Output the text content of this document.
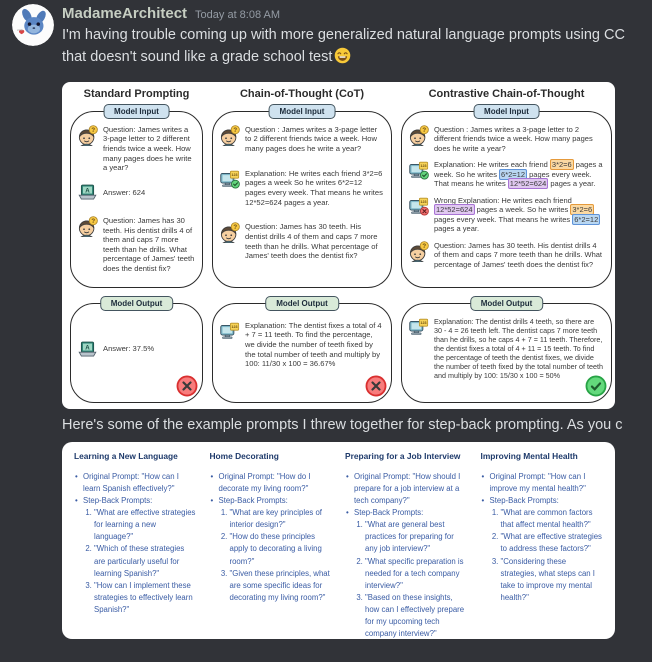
MadameArchitect Today at 8:08 AM
I'm having trouble coming up with more generalized natural language prompts using CC
that doesn't sound like a grade school test
Standard Prompting
Model Input
Question: James writes a 3-page letter to 2 different friends twice a week. How many pages does he write a year?
Answer: 624
Question: James has 30 teeth. His dentist drills 4 of them and caps 7 more teeth than he drills. What percentage of James' teeth does the dentist fix?
Model Output
Answer: 37.5%
Chain-of-Thought (CoT)
Model Input
Question : James writes a 3-page letter to 2 different friends twice a week. How many pages does he write a year?
Explanation: He writes each friend 3*2=6 pages a week So he writes 6*2=12 pages every week. That means he writes 12*52=624 pages a year.
Question: James has 30 teeth. His dentist drills 4 of them and caps 7 more teeth than he drills. What percentage of James' teeth does the dentist fix?
Model Output
Explanation: The dentist fixes a total of 4 + 7 = 11 teeth. To find the percentage, we divide the number of teeth fixed by the total number of teeth and multiply by 100: 11/30 x 100 = 36.67%
Contrastive Chain-of-Thought
Model Input
Question : James writes a 3-page letter to 2 different friends twice a week. How many pages does he write a year?
Explanation: He writes each friend 3*2=6 pages a week. So he writes 6*2=12 pages every week. That means he writes 12*52=624 pages a year.
Wrong Explanation: He writes each friend 12*52=624 pages a week. So he writes 3*2=6 pages every week. That means he writes 6*2=12 pages a year.
Question: James has 30 teeth. His dentist drills 4 of them and caps 7 more teeth than he drills. What percentage of James' teeth does the dentist fix?
Model Output
Explanation: The dentist drills 4 teeth, so there are 30 - 4 = 26 teeth left. The dentist caps 7 more teeth than he drills, so he caps 4 + 7 = 11 teeth. Therefore, the dentist fixes a total of 4 + 11 = 15 teeth. To find the percentage of teeth the dentist fixes, we divide the number of teeth fixed by the total number of teeth and multiply by 100: 15/30 x 100 = 50%
Here's some of the example prompts I threw together for step-back prompting. As you c
Learning a New Language
• Original Prompt: "How can I learn Spanish effectively?"
• Step-Back Prompts:
1. "What are effective strategies for learning a new language?"
2. "Which of these strategies are particularly useful for learning Spanish?"
3. "How can I implement these strategies to effectively learn Spanish?"
Home Decorating
• Original Prompt: "How do I decorate my living room?"
• Step-Back Prompts:
1. "What are key principles of interior design?"
2. "How do these principles apply to decorating a living room?"
3. "Given these principles, what are some specific ideas for decorating my living room?"
Preparing for a Job Interview
• Original Prompt: "How should I prepare for a job interview at a tech company?"
• Step-Back Prompts:
1. "What are general best practices for preparing for any job interview?"
2. "What specific preparation is needed for a tech company interview?"
3. "Based on these insights, how can I effectively prepare for my upcoming tech company interview?"
Improving Mental Health
• Original Prompt: "How can I improve my mental health?"
• Step-Back Prompts:
1. "What are common factors that affect mental health?"
2. "What are effective strategies to address these factors?"
3. "Considering these strategies, what steps can I take to improve my mental health?"
